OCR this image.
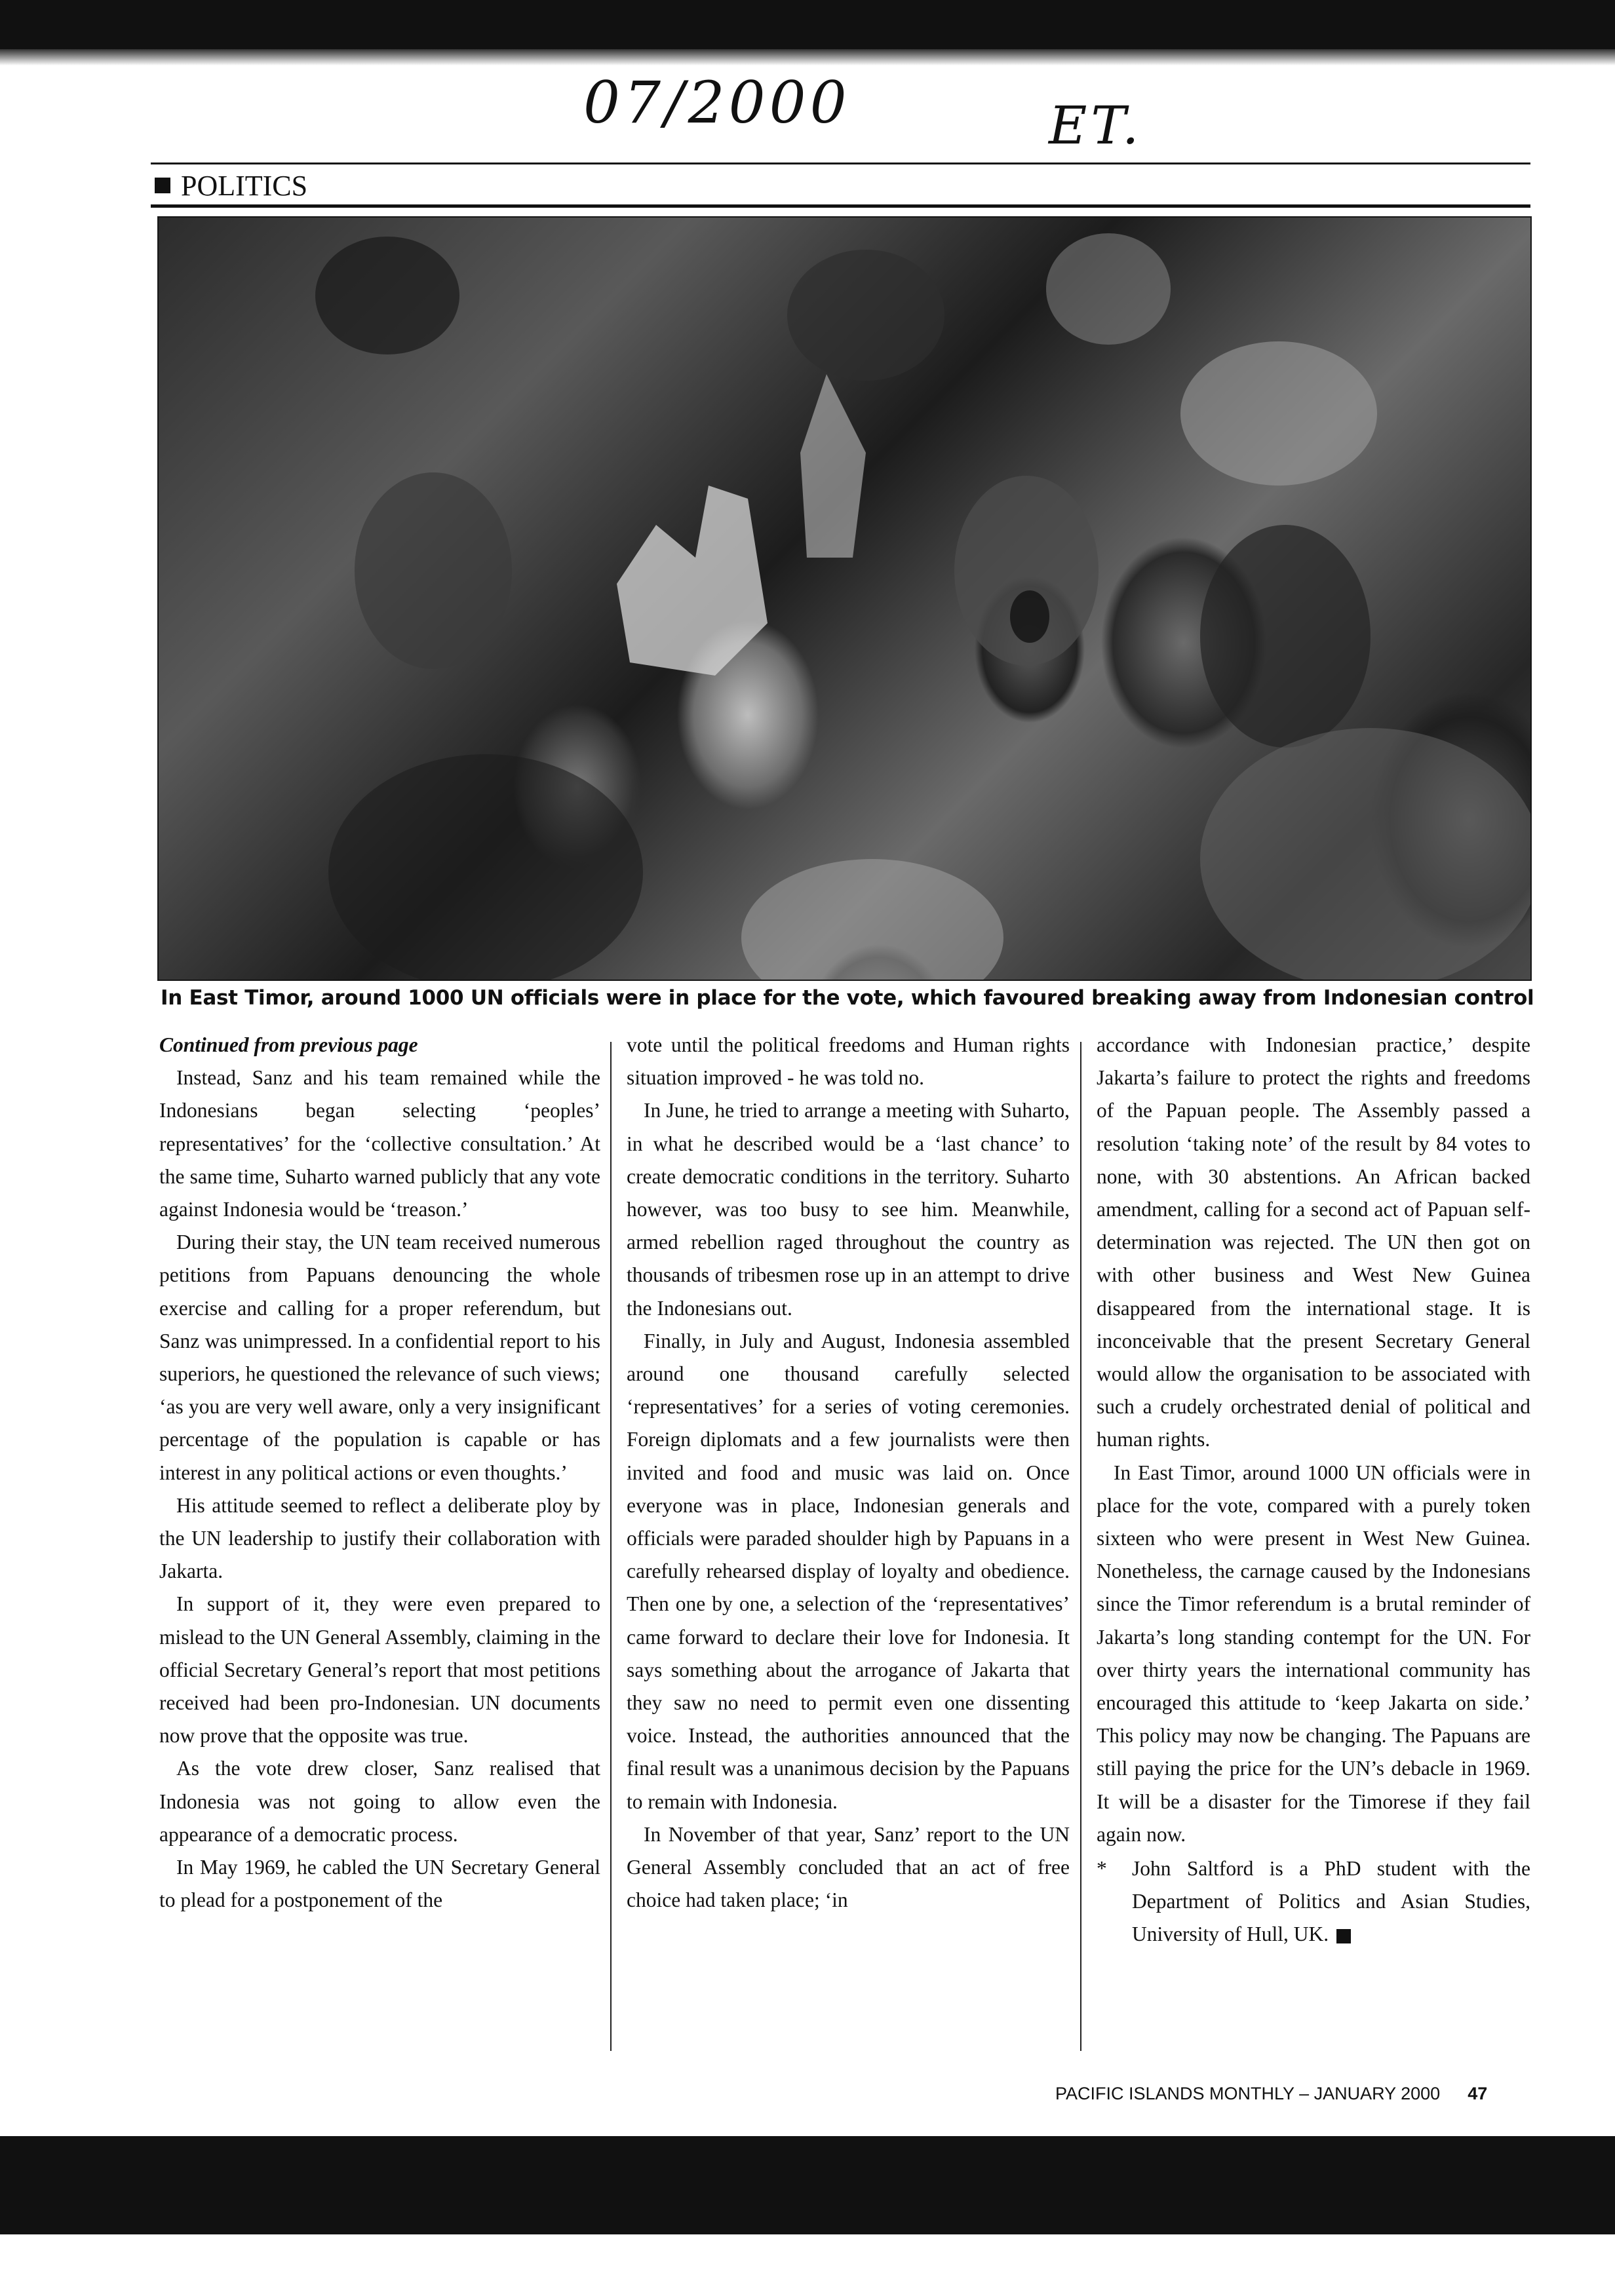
07/2000	ET.
POLITICS
In East Timor, around 1000 UN officials were in place for the vote, which favoured breaking away from Indonesian control

Continued from previous page

Instead, Sanz and his team remained while the Indonesians began selecting ‘peoples’ representatives’ for the ‘collective consultation.’ At the same time, Suharto warned publicly that any vote against Indonesia would be ‘treason.’

During their stay, the UN team received numerous petitions from Papuans denouncing the whole exercise and calling for a proper referendum, but Sanz was unimpressed. In a confidential report to his superiors, he questioned the relevance of such views; ‘as you are very well aware, only a very insignificant percentage of the population is capable or has interest in any political actions or even thoughts.’

His attitude seemed to reflect a deliberate ploy by the UN leadership to justify their collaboration with Jakarta.

In support of it, they were even prepared to mislead to the UN General Assembly, claiming in the official Secretary General’s report that most petitions received had been pro-Indonesian. UN documents now prove that the opposite was true.

As the vote drew closer, Sanz realised that Indonesia was not going to allow even the appearance of a democratic process.

In May 1969, he cabled the UN Secretary General to plead for a postponement of the

vote until the political freedoms and Human rights situation improved - he was told no.

In June, he tried to arrange a meeting with Suharto, in what he described would be a ‘last chance’ to create democratic conditions in the territory. Suharto however, was too busy to see him. Meanwhile, armed rebellion raged throughout the country as thousands of tribesmen rose up in an attempt to drive the Indonesians out.

Finally, in July and August, Indonesia assembled around one thousand carefully selected ‘representatives’ for a series of voting ceremonies. Foreign diplomats and a few journalists were then invited and food and music was laid on. Once everyone was in place, Indonesian generals and officials were paraded shoulder high by Papuans in a carefully rehearsed display of loyalty and obedience. Then one by one, a selection of the ‘representatives’ came forward to declare their love for Indonesia. It says something about the arrogance of Jakarta that they saw no need to permit even one dissenting voice. Instead, the authorities announced that the final result was a unanimous decision by the Papuans to remain with Indonesia.

In November of that year, Sanz’ report to the UN General Assembly concluded that an act of free choice had taken place; ‘in

accordance with Indonesian practice,’ despite Jakarta’s failure to protect the rights and freedoms of the Papuan people. The Assembly passed a resolution ‘taking note’ of the result by 84 votes to none, with 30 abstentions. An African backed amendment, calling for a second act of Papuan self-determination was rejected. The UN then got on with other business and West New Guinea disappeared from the international stage. It is inconceivable that the present Secretary General would allow the organisation to be associated with such a crudely orchestrated denial of political and human rights.

In East Timor, around 1000 UN officials were in place for the vote, compared with a purely token sixteen who were present in West New Guinea. Nonetheless, the carnage caused by the Indonesians since the Timor referendum is a brutal reminder of Jakarta’s long standing contempt for the UN. For over thirty years the international community has encouraged this attitude to ‘keep Jakarta on side.’ This policy may now be changing. The Papuans are still paying the price for the UN’s debacle in 1969. It will be a disaster for the Timorese if they fail again now.

*	John Saltford is a PhD student with the Department of Politics and Asian Studies, University of Hull, UK.
PACIFIC ISLANDS MONTHLY – JANUARY 2000 47
